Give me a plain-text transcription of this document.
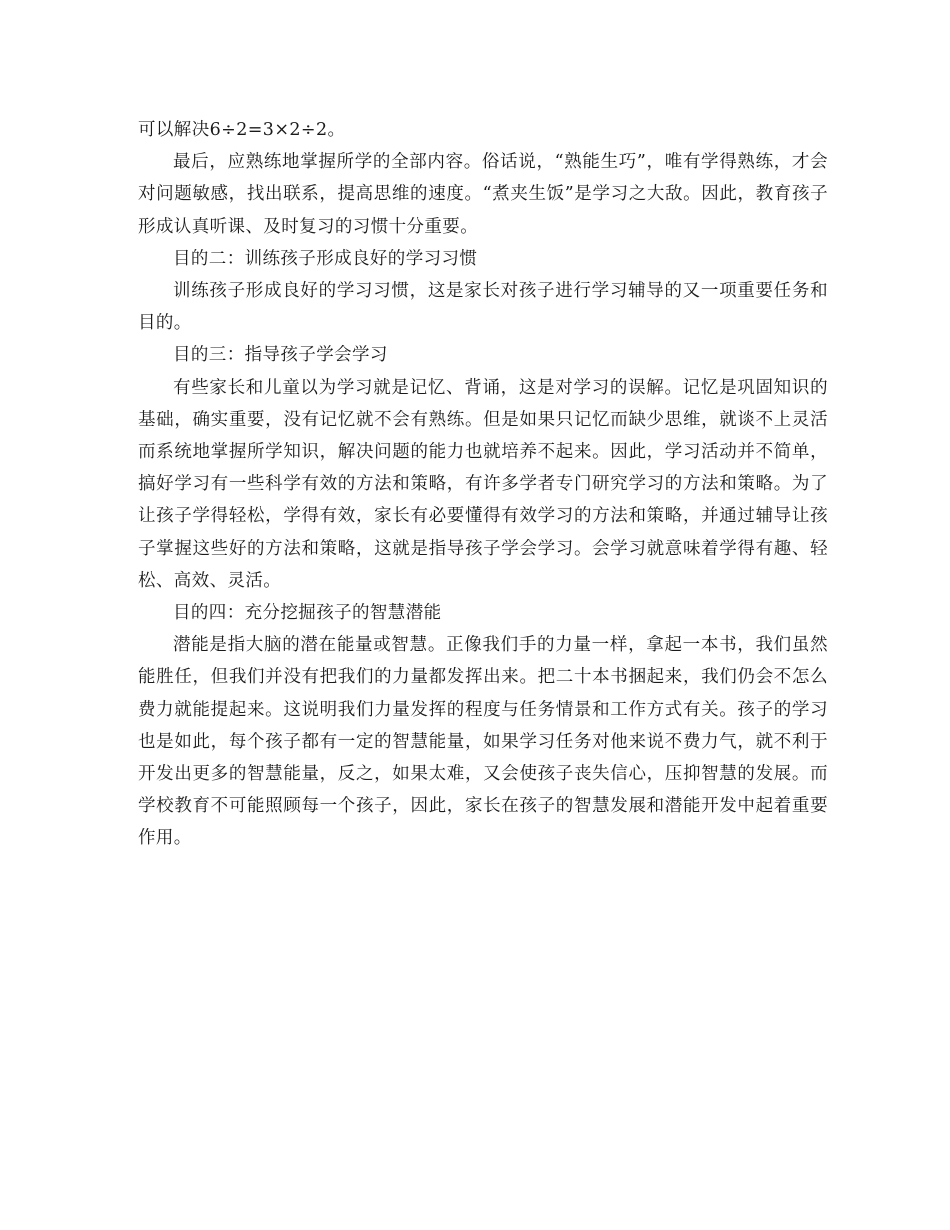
可以解决6÷2=3×2÷2。

最后，应熟练地掌握所学的全部内容。俗话说，“熟能生巧”，唯有学得熟练，才会对问题敏感，找出联系，提高思维的速度。“煮夹生饭”是学习之大敌。因此，教育孩子形成认真听课、及时复习的习惯十分重要。

目的二：训练孩子形成良好的学习习惯

训练孩子形成良好的学习习惯，这是家长对孩子进行学习辅导的又一项重要任务和目的。

目的三：指导孩子学会学习

有些家长和儿童以为学习就是记忆、背诵，这是对学习的误解。记忆是巩固知识的基础，确实重要，没有记忆就不会有熟练。但是如果只记忆而缺少思维，就谈不上灵活而系统地掌握所学知识，解决问题的能力也就培养不起来。因此，学习活动并不简单，搞好学习有一些科学有效的方法和策略，有许多学者专门研究学习的方法和策略。为了让孩子学得轻松，学得有效，家长有必要懂得有效学习的方法和策略，并通过辅导让孩子掌握这些好的方法和策略，这就是指导孩子学会学习。会学习就意味着学得有趣、轻松、高效、灵活。

目的四：充分挖掘孩子的智慧潜能

潜能是指大脑的潜在能量或智慧。正像我们手的力量一样，拿起一本书，我们虽然能胜任，但我们并没有把我们的力量都发挥出来。把二十本书捆起来，我们仍会不怎么费力就能提起来。这说明我们力量发挥的程度与任务情景和工作方式有关。孩子的学习也是如此，每个孩子都有一定的智慧能量，如果学习任务对他来说不费力气，就不利于开发出更多的智慧能量，反之，如果太难，又会使孩子丧失信心，压抑智慧的发展。而学校教育不可能照顾每一个孩子，因此，家长在孩子的智慧发展和潜能开发中起着重要作用。
